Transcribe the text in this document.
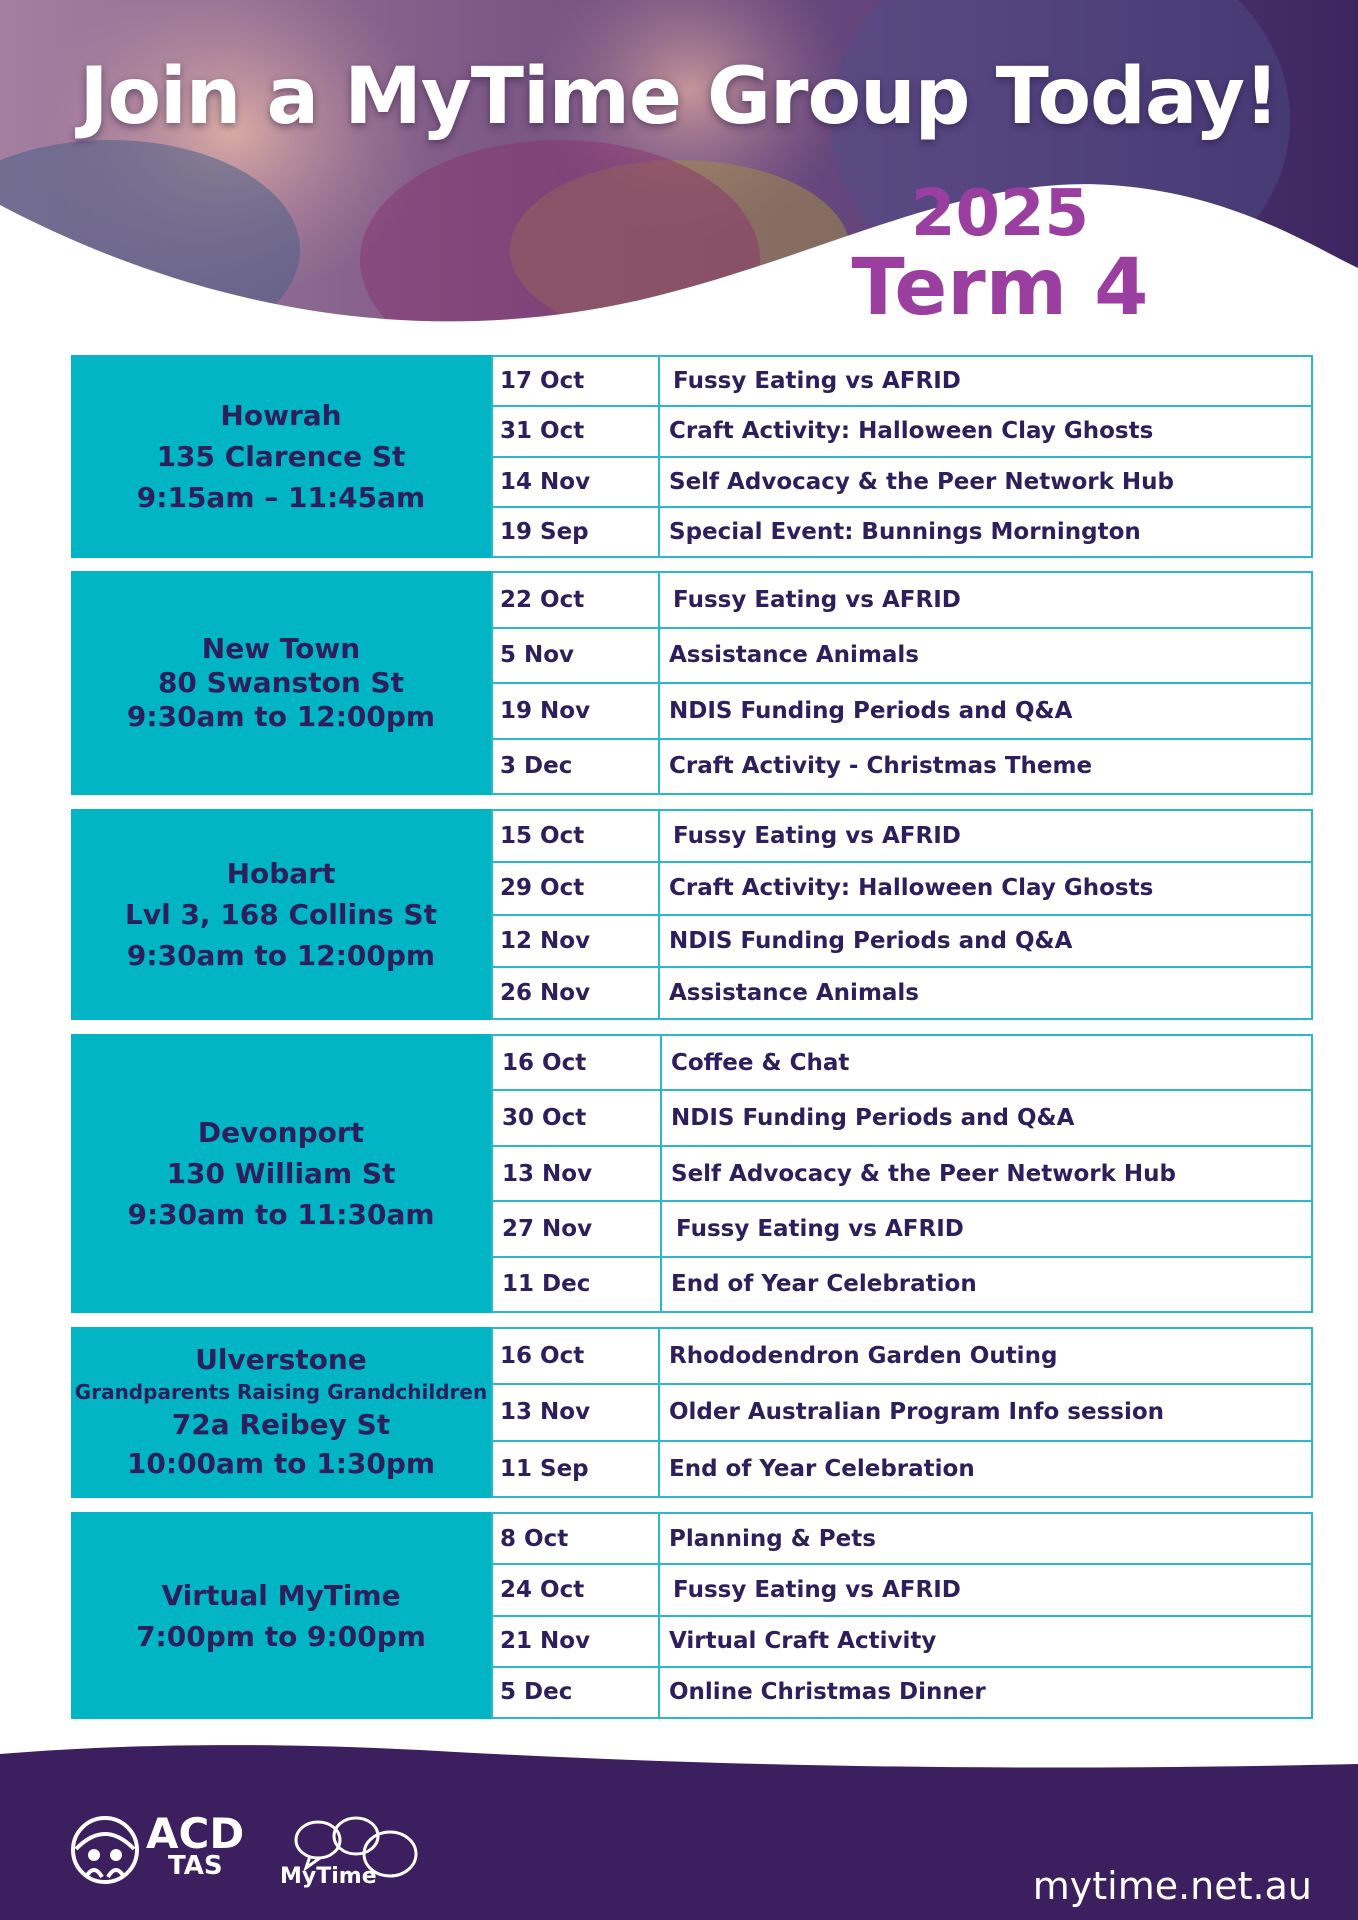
Join a MyTime Group Today!
2025
Term 4
Howrah
135 Clarence St
9:15am – 11:45am
17 Oct	Fussy Eating vs AFRID
31 Oct	Craft Activity: Halloween Clay Ghosts
14 Nov	Self Advocacy & the Peer Network Hub
19 Sep	Special Event: Bunnings Mornington
New Town
80 Swanston St
9:30am to 12:00pm
22 Oct	Fussy Eating vs AFRID
5 Nov	Assistance Animals
19 Nov	NDIS Funding Periods and Q&A
3 Dec	Craft Activity - Christmas Theme
Hobart
Lvl 3, 168 Collins St
9:30am to 12:00pm
15 Oct	Fussy Eating vs AFRID
29 Oct	Craft Activity: Halloween Clay Ghosts
12 Nov	NDIS Funding Periods and Q&A
26 Nov	Assistance Animals
Devonport
130 William St
9:30am to 11:30am
16 Oct	Coffee & Chat
30 Oct	NDIS Funding Periods and Q&A
13 Nov	Self Advocacy & the Peer Network Hub
27 Nov	Fussy Eating vs AFRID
11 Dec	End of Year Celebration
Ulverstone
Grandparents Raising Grandchildren
72a Reibey St
10:00am to 1:30pm
16 Oct	Rhododendron Garden Outing
13 Nov	Older Australian Program Info session
11 Sep	End of Year Celebration
Virtual MyTime
7:00pm to 9:00pm
8 Oct	Planning & Pets
24 Oct	Fussy Eating vs AFRID
21 Nov	Virtual Craft Activity
5 Dec	Online Christmas Dinner
mytime.net.au
ACD
TAS	MyTime
